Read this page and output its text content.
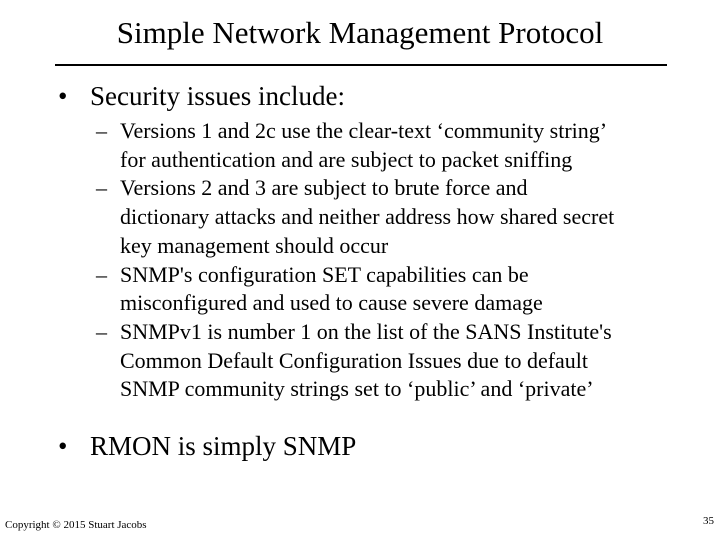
Simple Network Management Protocol
• Security issues include:
– Versions 1 and 2c use the clear-text ‘community string’
for authentication and are subject to packet sniffing
– Versions 2 and 3 are subject to brute force and
dictionary attacks and neither address how shared secret
key management should occur
– SNMP's configuration SET capabilities can be
misconfigured and used to cause severe damage
– SNMPv1 is number 1 on the list of the SANS Institute's
Common Default Configuration Issues due to default
SNMP community strings set to ‘public’ and ‘private’
• RMON is simply SNMP
Copyright © 2015 Stuart Jacobs	35
